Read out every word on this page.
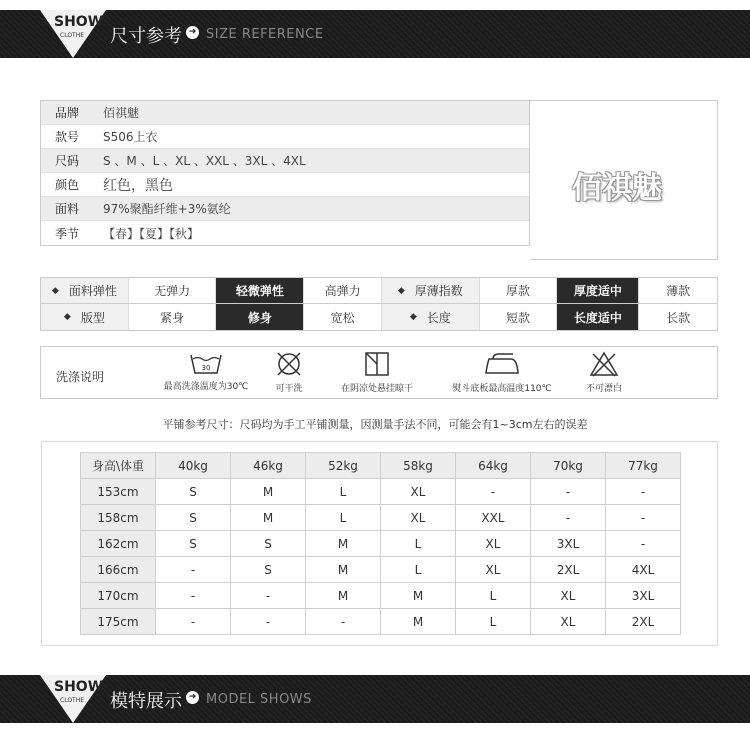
SHOW
CLOTHE 尺寸参考 ➜ SIZE REFERENCE
品牌	佰祺魅
款号	S506上衣
尺码	S 、M 、L 、XL 、XXL 、3XL 、4XL
颜色	红色，黑色
面料	97%聚酯纤维+3%氨纶
季节	【春】【夏】【秋】
佰祺魅
◆ 面料弹性	无弹力	轻微弹性	高弹力	◆ 厚薄指数	厚款	厚度适中	薄款
◆ 版型	紧身	修身	宽松	◆ 长度	短款	长度适中	长款
洗涤说明
30
最高洗涤温度为30℃	可干洗	在阴凉处悬挂晾干	熨斗底板最高温度110℃	不可漂白
平铺参考尺寸：尺码均为手工平铺测量，因测量手法不同，可能会有1~3cm左右的误差
身高\体重	40kg	46kg	52kg	58kg	64kg	70kg	77kg
153cm	S	M	L	XL	-	-	-
158cm	S	M	L	XL	XXL	-	-
162cm	S	S	M	L	XL	3XL	-
166cm	-	S	M	L	XL	2XL	4XL
170cm	-	-	M	M	L	XL	3XL
175cm	-	-	-	M	L	XL	2XL
SHOW
CLOTHE 模特展示 ➜ MODEL SHOWS
